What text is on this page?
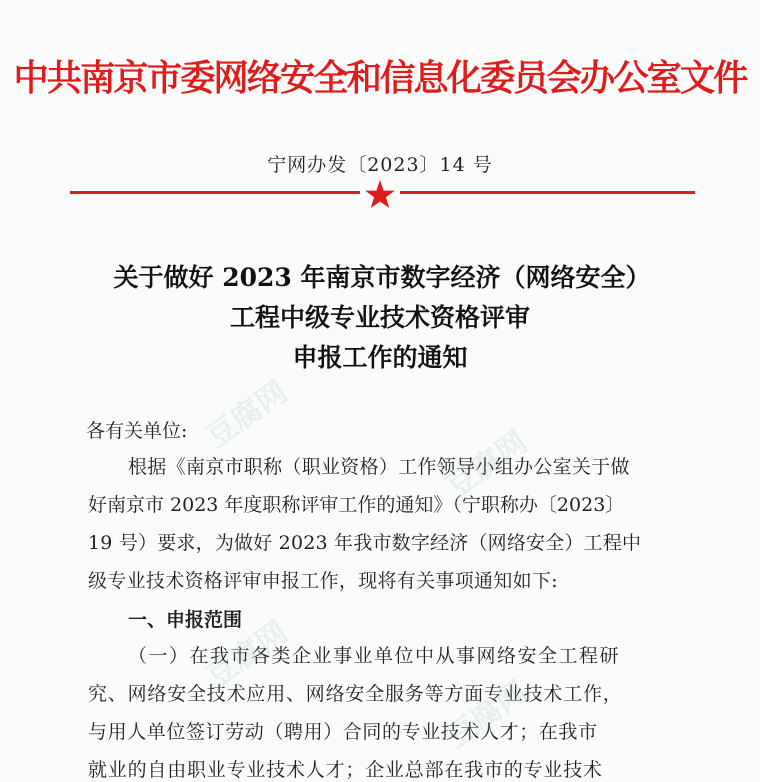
中共南京市委网络安全和信息化委员会办公室文件
宁网办发〔2023〕14 号
关于做好 2023 年南京市数字经济（网络安全）
工程中级专业技术资格评审
申报工作的通知
各有关单位:
根据《南京市职称（职业资格）工作领导小组办公室关于做
好南京市 2023 年度职称评审工作的通知》（宁职称办〔2023〕
19 号）要求，为做好 2023 年我市数字经济（网络安全）工程中
级专业技术资格评审申报工作，现将有关事项通知如下:
一、申报范围
（一）在我市各类企业事业单位中从事网络安全工程研
究、网络安全技术应用、网络安全服务等方面专业技术工作，
与用人单位签订劳动（聘用）合同的专业技术人才；在我市
就业的自由职业专业技术人才；企业总部在我市的专业技术
豆腐网
豆腐网
豆腐网
豆腐网
